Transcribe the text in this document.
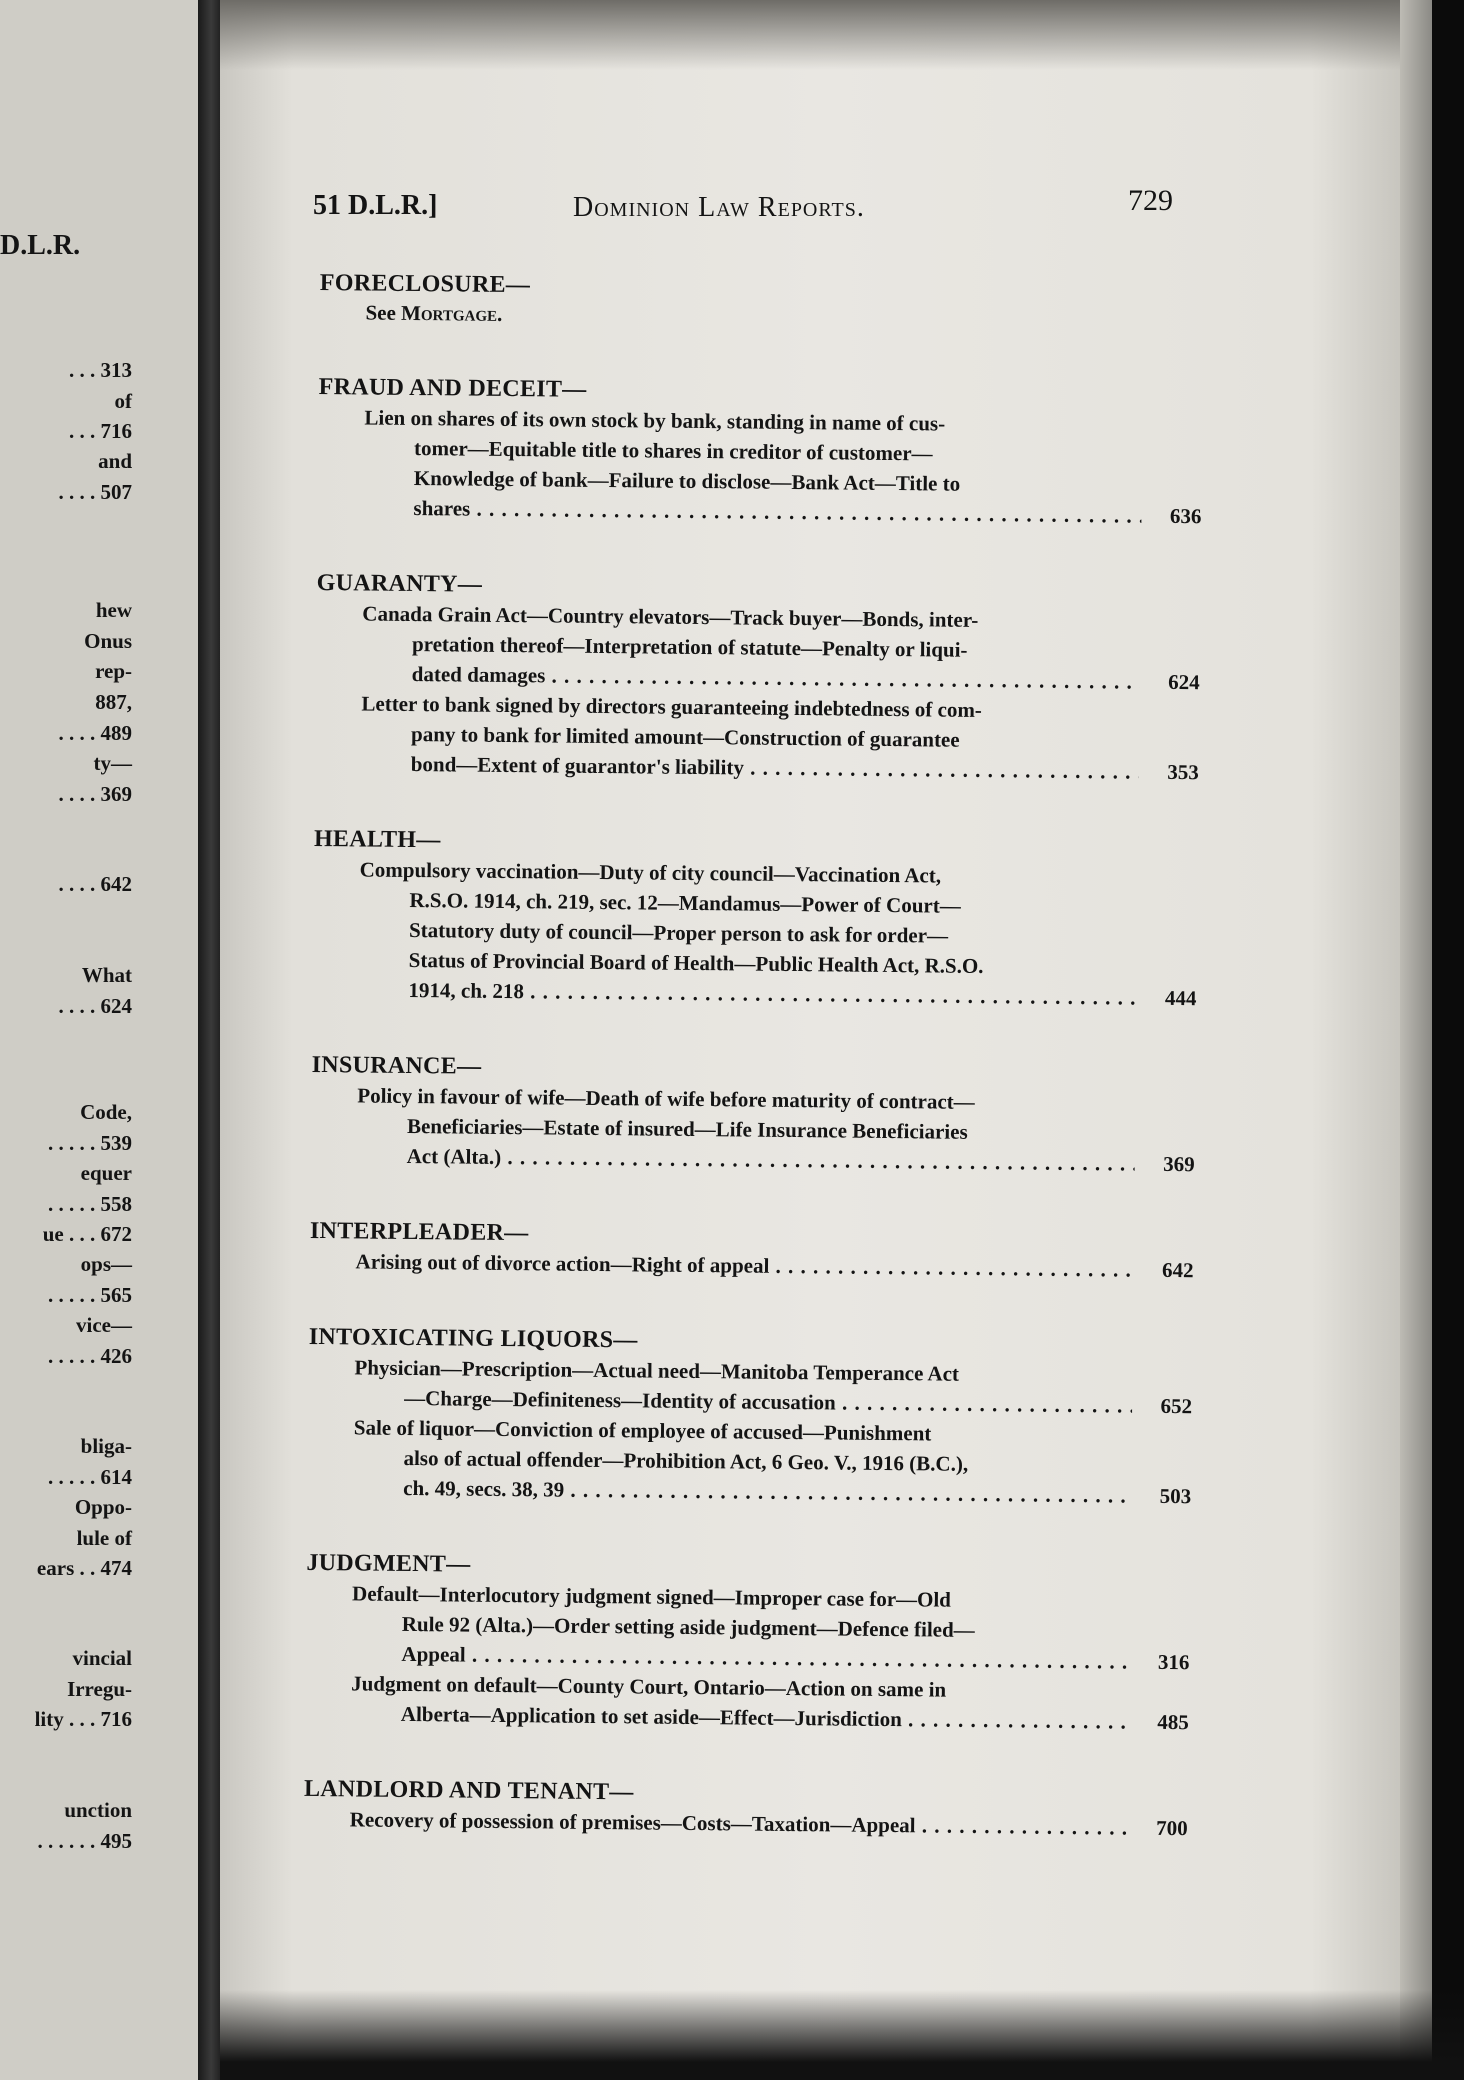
D.L.R.
. . . 313
of
. . . 716
and
. . . . 507
hew
Onus
rep-
887,
. . . . 489
ty—
. . . . 369
. . . . 642
What
. . . . 624
Code,
. . . . . 539
equer
. . . . . 558
ue . . . 672
ops—
. . . . . 565
vice—
. . . . . 426
bliga-
. . . . . 614
Oppo-
lule of
ears . . 474
vincial
Irregu-
lity . . . 716
unction
. . . . . . 495
51 D.L.R.]	Dominion Law Reports.	729
FORECLOSURE—
See Mortgage.
FRAUD AND DECEIT—
Lien on shares of its own stock by bank, standing in name of cus-
tomer—Equitable title to shares in creditor of customer—
Knowledge of bank—Failure to disclose—Bank Act—Title to
shares . . .	636
GUARANTY—
Canada Grain Act—Country elevators—Track buyer—Bonds, inter-
pretation thereof—Interpretation of statute—Penalty or liqui-
dated damages . . .	624
Letter to bank signed by directors guaranteeing indebtedness of com-
pany to bank for limited amount—Construction of guarantee
bond—Extent of guarantor's liability . . .	353
HEALTH—
Compulsory vaccination—Duty of city council—Vaccination Act,
R.S.O. 1914, ch. 219, sec. 12—Mandamus—Power of Court—
Statutory duty of council—Proper person to ask for order—
Status of Provincial Board of Health—Public Health Act, R.S.O.
1914, ch. 218 . . .	444
INSURANCE—
Policy in favour of wife—Death of wife before maturity of contract—
Beneficiaries—Estate of insured—Life Insurance Beneficiaries
Act (Alta.) . . .	369
INTERPLEADER—
Arising out of divorce action—Right of appeal . . .	642
INTOXICATING LIQUORS—
Physician—Prescription—Actual need—Manitoba Temperance Act
—Charge—Definiteness—Identity of accusation . . .	652
Sale of liquor—Conviction of employee of accused—Punishment
also of actual offender—Prohibition Act, 6 Geo. V., 1916 (B.C.),
ch. 49, secs. 38, 39 . . .	503
JUDGMENT—
Default—Interlocutory judgment signed—Improper case for—Old
Rule 92 (Alta.)—Order setting aside judgment—Defence filed—
Appeal . . .	316
Judgment on default—County Court, Ontario—Action on same in
Alberta—Application to set aside—Effect—Jurisdiction . . .	485
LANDLORD AND TENANT—
Recovery of possession of premises—Costs—Taxation—Appeal . . .	700
